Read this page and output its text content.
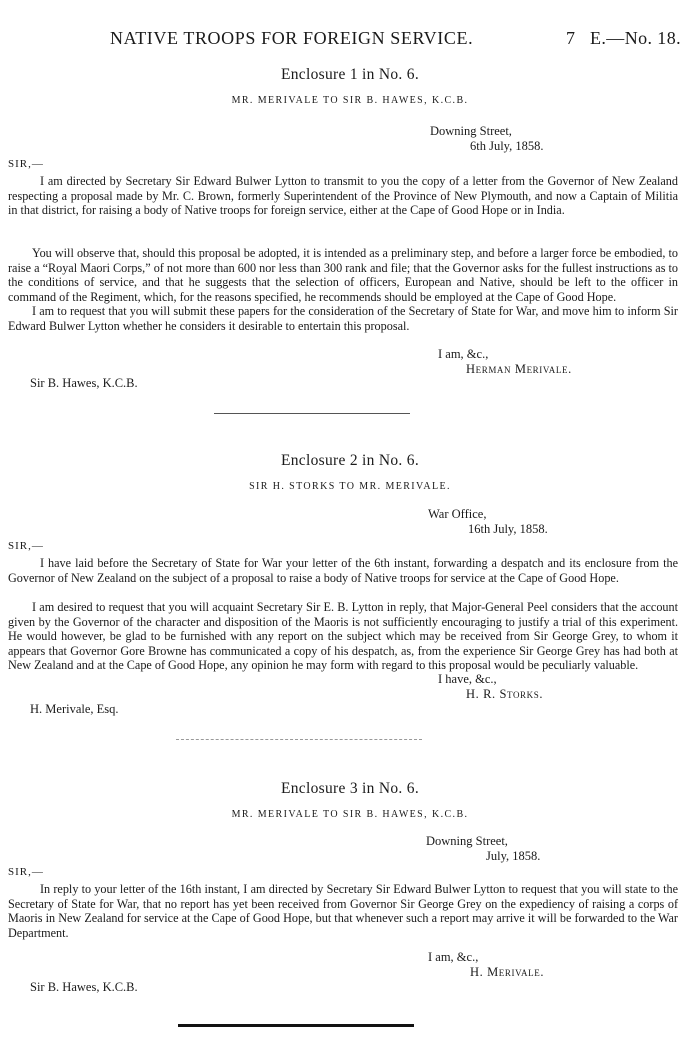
NATIVE TROOPS FOR FOREIGN SERVICE.	7 E.—No. 18.
Enclosure 1 in No. 6.
MR. MERIVALE TO SIR B. HAWES, K.C.B.
Downing Street,
6th July, 1858.
SIR,—

I am directed by Secretary Sir Edward Bulwer Lytton to transmit to you the copy of a letter from the Governor of New Zealand respecting a proposal made by Mr. C. Brown, formerly Superintendent of the Province of New Plymouth, and now a Captain of Militia in that district, for raising a body of Native troops for foreign service, either at the Cape of Good Hope or in India.

You will observe that, should this proposal be adopted, it is intended as a preliminary step, and before a larger force be embodied, to raise a “Royal Maori Corps,” of not more than 600 nor less than 300 rank and file; that the Governor asks for the fullest instructions as to the conditions of service, and that he suggests that the selection of officers, European and Native, should be left to the officer in command of the Regiment, which, for the reasons specified, he recommends should be employed at the Cape of Good Hope.

I am to request that you will submit these papers for the consideration of the Secretary of State for War, and move him to inform Sir Edward Bulwer Lytton whether he considers it desirable to entertain this proposal.

I am, &c.,
Herman Merivale.
Sir B. Hawes, K.C.B.
Enclosure 2 in No. 6.
SIR H. STORKS TO MR. MERIVALE.
War Office,
16th July, 1858.
SIR,—

I have laid before the Secretary of State for War your letter of the 6th instant, forwarding a despatch and its enclosure from the Governor of New Zealand on the subject of a proposal to raise a body of Native troops for service at the Cape of Good Hope.

I am desired to request that you will acquaint Secretary Sir E. B. Lytton in reply, that Major-General Peel considers that the account given by the Governor of the character and disposition of the Maoris is not sufficiently encouraging to justify a trial of this experiment. He would however, be glad to be furnished with any report on the subject which may be received from Sir George Grey, to whom it appears that Governor Gore Browne has communicated a copy of his despatch, as, from the experience Sir George Grey has had both at New Zealand and at the Cape of Good Hope, any opinion he may form with regard to this proposal would be peculiarly valuable.

I have, &c.,
H. R. Storks.
H. Merivale, Esq.
Enclosure 3 in No. 6.
MR. MERIVALE TO SIR B. HAWES, K.C.B.
Downing Street,
July, 1858.
SIR,—

In reply to your letter of the 16th instant, I am directed by Secretary Sir Edward Bulwer Lytton to request that you will state to the Secretary of State for War, that no report has yet been received from Governor Sir George Grey on the expediency of raising a corps of Maoris in New Zealand for service at the Cape of Good Hope, but that whenever such a report may arrive it will be forwarded to the War Department.

I am, &c.,
H. Merivale.
Sir B. Hawes, K.C.B.
